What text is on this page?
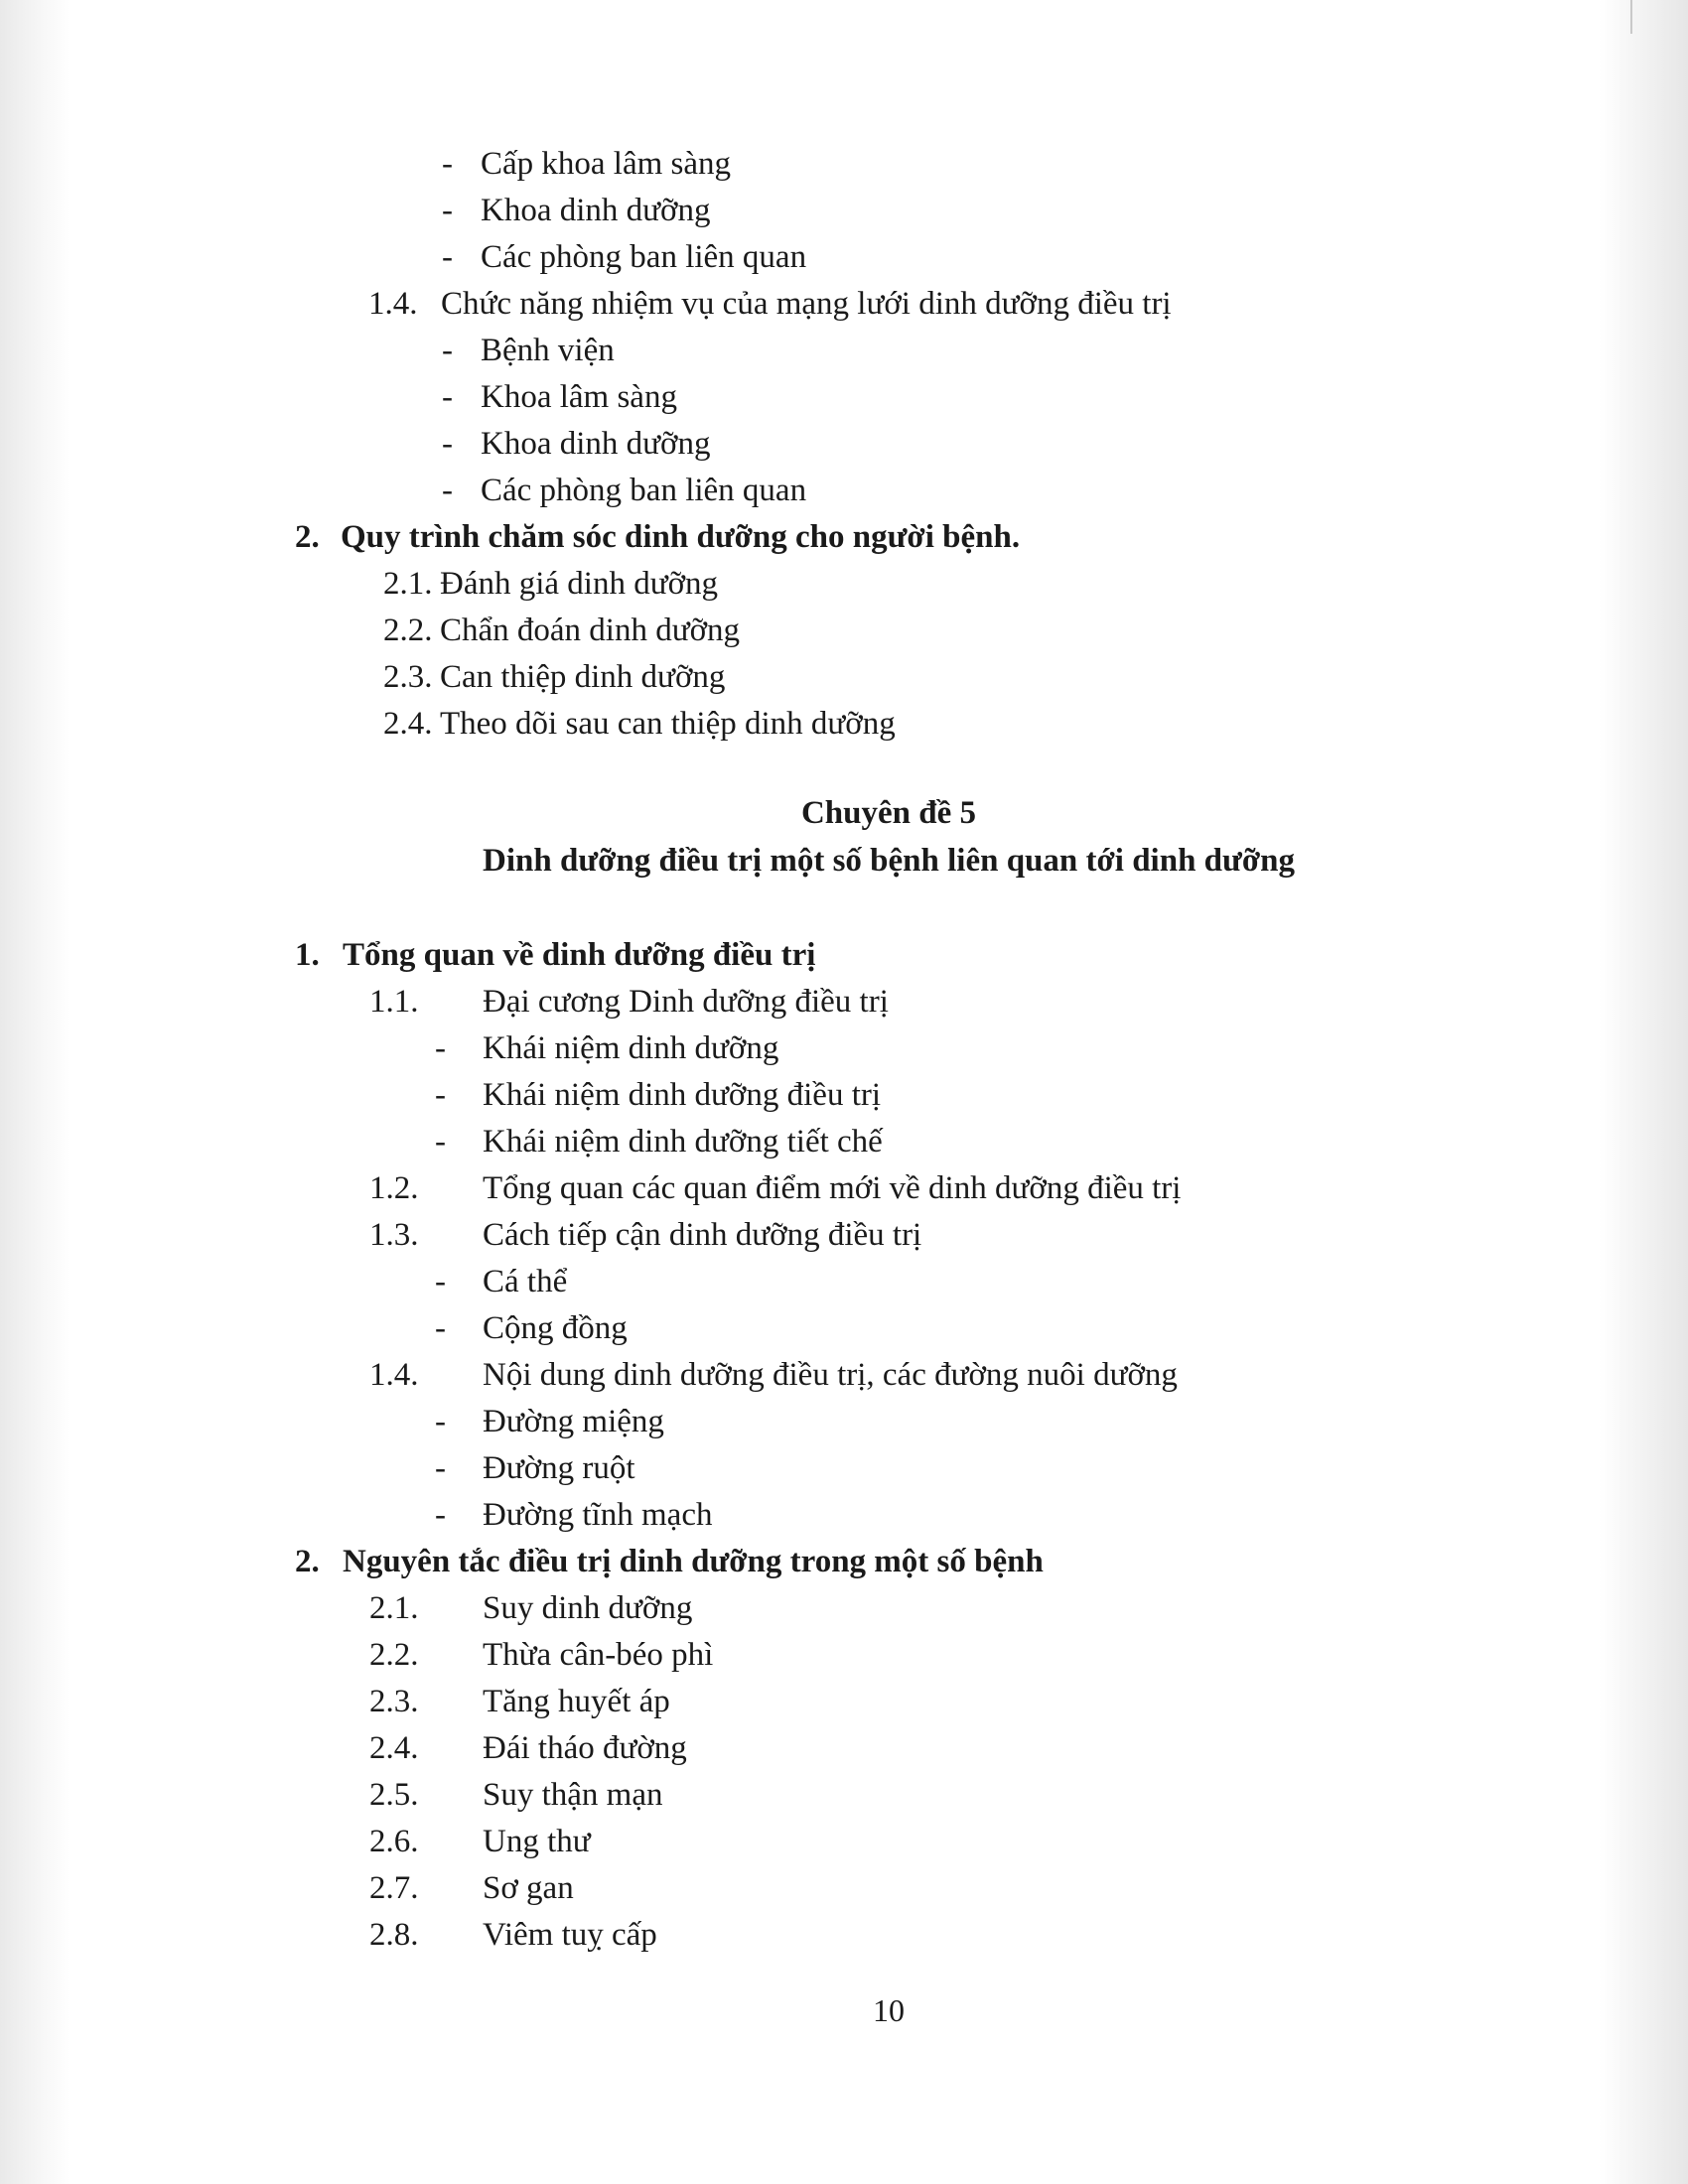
- Cấp khoa lâm sàng
- Khoa dinh dưỡng
- Các phòng ban liên quan
1.4. Chức năng nhiệm vụ của mạng lưới dinh dưỡng điều trị
- Bệnh viện
- Khoa lâm sàng
- Khoa dinh dưỡng
- Các phòng ban liên quan
2. Quy trình chăm sóc dinh dưỡng cho người bệnh.
2.1. Đánh giá dinh dưỡng
2.2. Chẩn đoán dinh dưỡng
2.3. Can thiệp dinh dưỡng
2.4. Theo dõi sau can thiệp dinh dưỡng
Chuyên đề 5
Dinh dưỡng điều trị một số bệnh liên quan tới dinh dưỡng
1. Tổng quan về dinh dưỡng điều trị
1.1. Đại cương Dinh dưỡng điều trị
- Khái niệm dinh dưỡng
- Khái niệm dinh dưỡng điều trị
- Khái niệm dinh dưỡng tiết chế
1.2. Tổng quan các quan điểm mới về dinh dưỡng điều trị
1.3. Cách tiếp cận dinh dưỡng điều trị
- Cá thể
- Cộng đồng
1.4. Nội dung dinh dưỡng điều trị, các đường nuôi dưỡng
- Đường miệng
- Đường ruột
- Đường tĩnh mạch
2. Nguyên tắc điều trị dinh dưỡng trong một số bệnh
2.1. Suy dinh dưỡng
2.2. Thừa cân-béo phì
2.3. Tăng huyết áp
2.4. Đái tháo đường
2.5. Suy thận mạn
2.6. Ung thư
2.7. Sơ gan
2.8. Viêm tuỵ cấp
10
